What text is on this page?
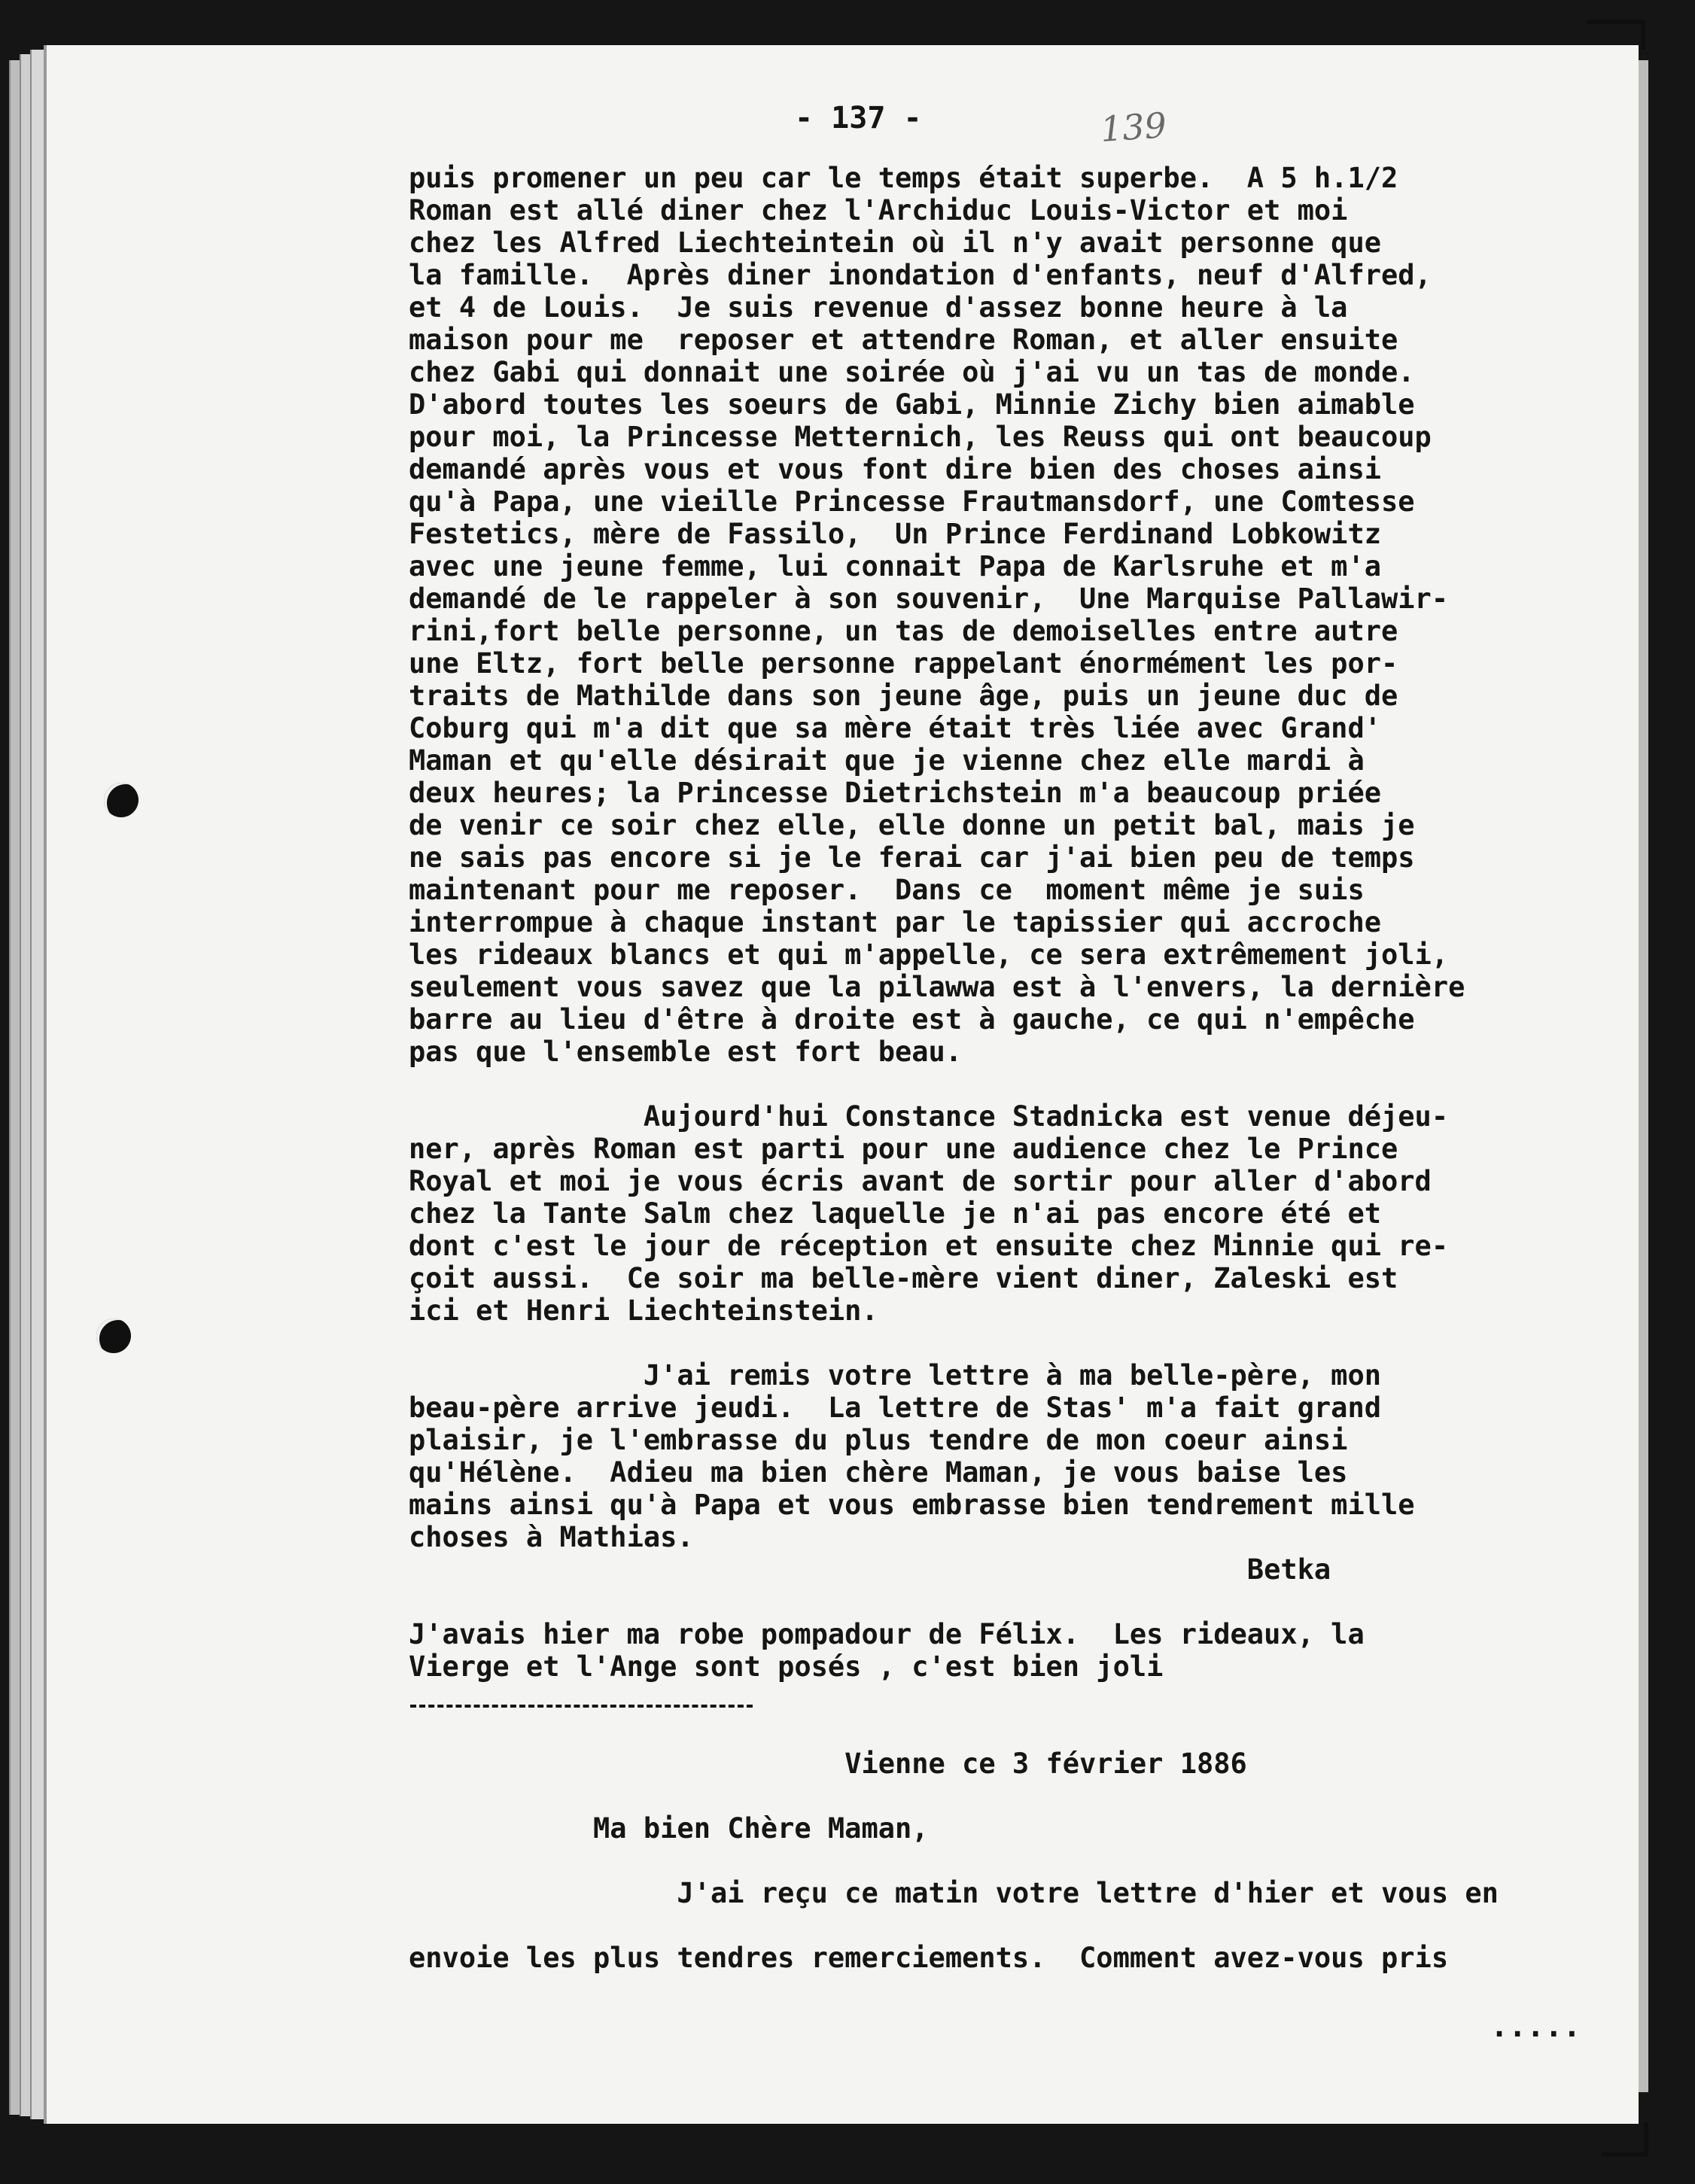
- 137 -	139

puis promener un peu car le temps était superbe.  A 5 h.1/2
Roman est allé diner chez l'Archiduc Louis-Victor et moi
chez les Alfred Liechteintein où il n'y avait personne que
la famille.  Après diner inondation d'enfants, neuf d'Alfred,
et 4 de Louis.  Je suis revenue d'assez bonne heure à la
maison pour me  reposer et attendre Roman, et aller ensuite
chez Gabi qui donnait une soirée où j'ai vu un tas de monde.
D'abord toutes les soeurs de Gabi, Minnie Zichy bien aimable
pour moi, la Princesse Metternich, les Reuss qui ont beaucoup
demandé après vous et vous font dire bien des choses ainsi
qu'à Papa, une vieille Princesse Frautmansdorf, une Comtesse
Festetics, mère de Fassilo,  Un Prince Ferdinand Lobkowitz
avec une jeune femme, lui connait Papa de Karlsruhe et m'a
demandé de le rappeler à son souvenir,  Une Marquise Pallawir-
rini,fort belle personne, un tas de demoiselles entre autre
une Eltz, fort belle personne rappelant énormément les por-
traits de Mathilde dans son jeune âge, puis un jeune duc de
Coburg qui m'a dit que sa mère était très liée avec Grand'
Maman et qu'elle désirait que je vienne chez elle mardi à
deux heures; la Princesse Dietrichstein m'a beaucoup priée
de venir ce soir chez elle, elle donne un petit bal, mais je
ne sais pas encore si je le ferai car j'ai bien peu de temps
maintenant pour me reposer.  Dans ce  moment même je suis
interrompue à chaque instant par le tapissier qui accroche
les rideaux blancs et qui m'appelle, ce sera extrêmement joli,
seulement vous savez que la pilawwa est à l'envers, la dernière
barre au lieu d'être à droite est à gauche, ce qui n'empêche
pas que l'ensemble est fort beau.

Aujourd'hui Constance Stadnicka est venue déjeu-
ner, après Roman est parti pour une audience chez le Prince
Royal et moi je vous écris avant de sortir pour aller d'abord
chez la Tante Salm chez laquelle je n'ai pas encore été et
dont c'est le jour de réception et ensuite chez Minnie qui re-
çoit aussi.  Ce soir ma belle-mère vient diner, Zaleski est
ici et Henri Liechteinstein.

J'ai remis votre lettre à ma belle-père, mon
beau-père arrive jeudi.  La lettre de Stas' m'a fait grand
plaisir, je l'embrasse du plus tendre de mon coeur ainsi
qu'Hélène.  Adieu ma bien chère Maman, je vous baise les
mains ainsi qu'à Papa et vous embrasse bien tendrement mille
choses à Mathias.
Betka

J'avais hier ma robe pompadour de Félix.  Les rideaux, la
Vierge et l'Ange sont posés , c'est bien joli

Vienne ce 3 février 1886

Ma bien Chère Maman,

J'ai reçu ce matin votre lettre d'hier et vous en

envoie les plus tendres remerciements.  Comment avez-vous pris

.....
